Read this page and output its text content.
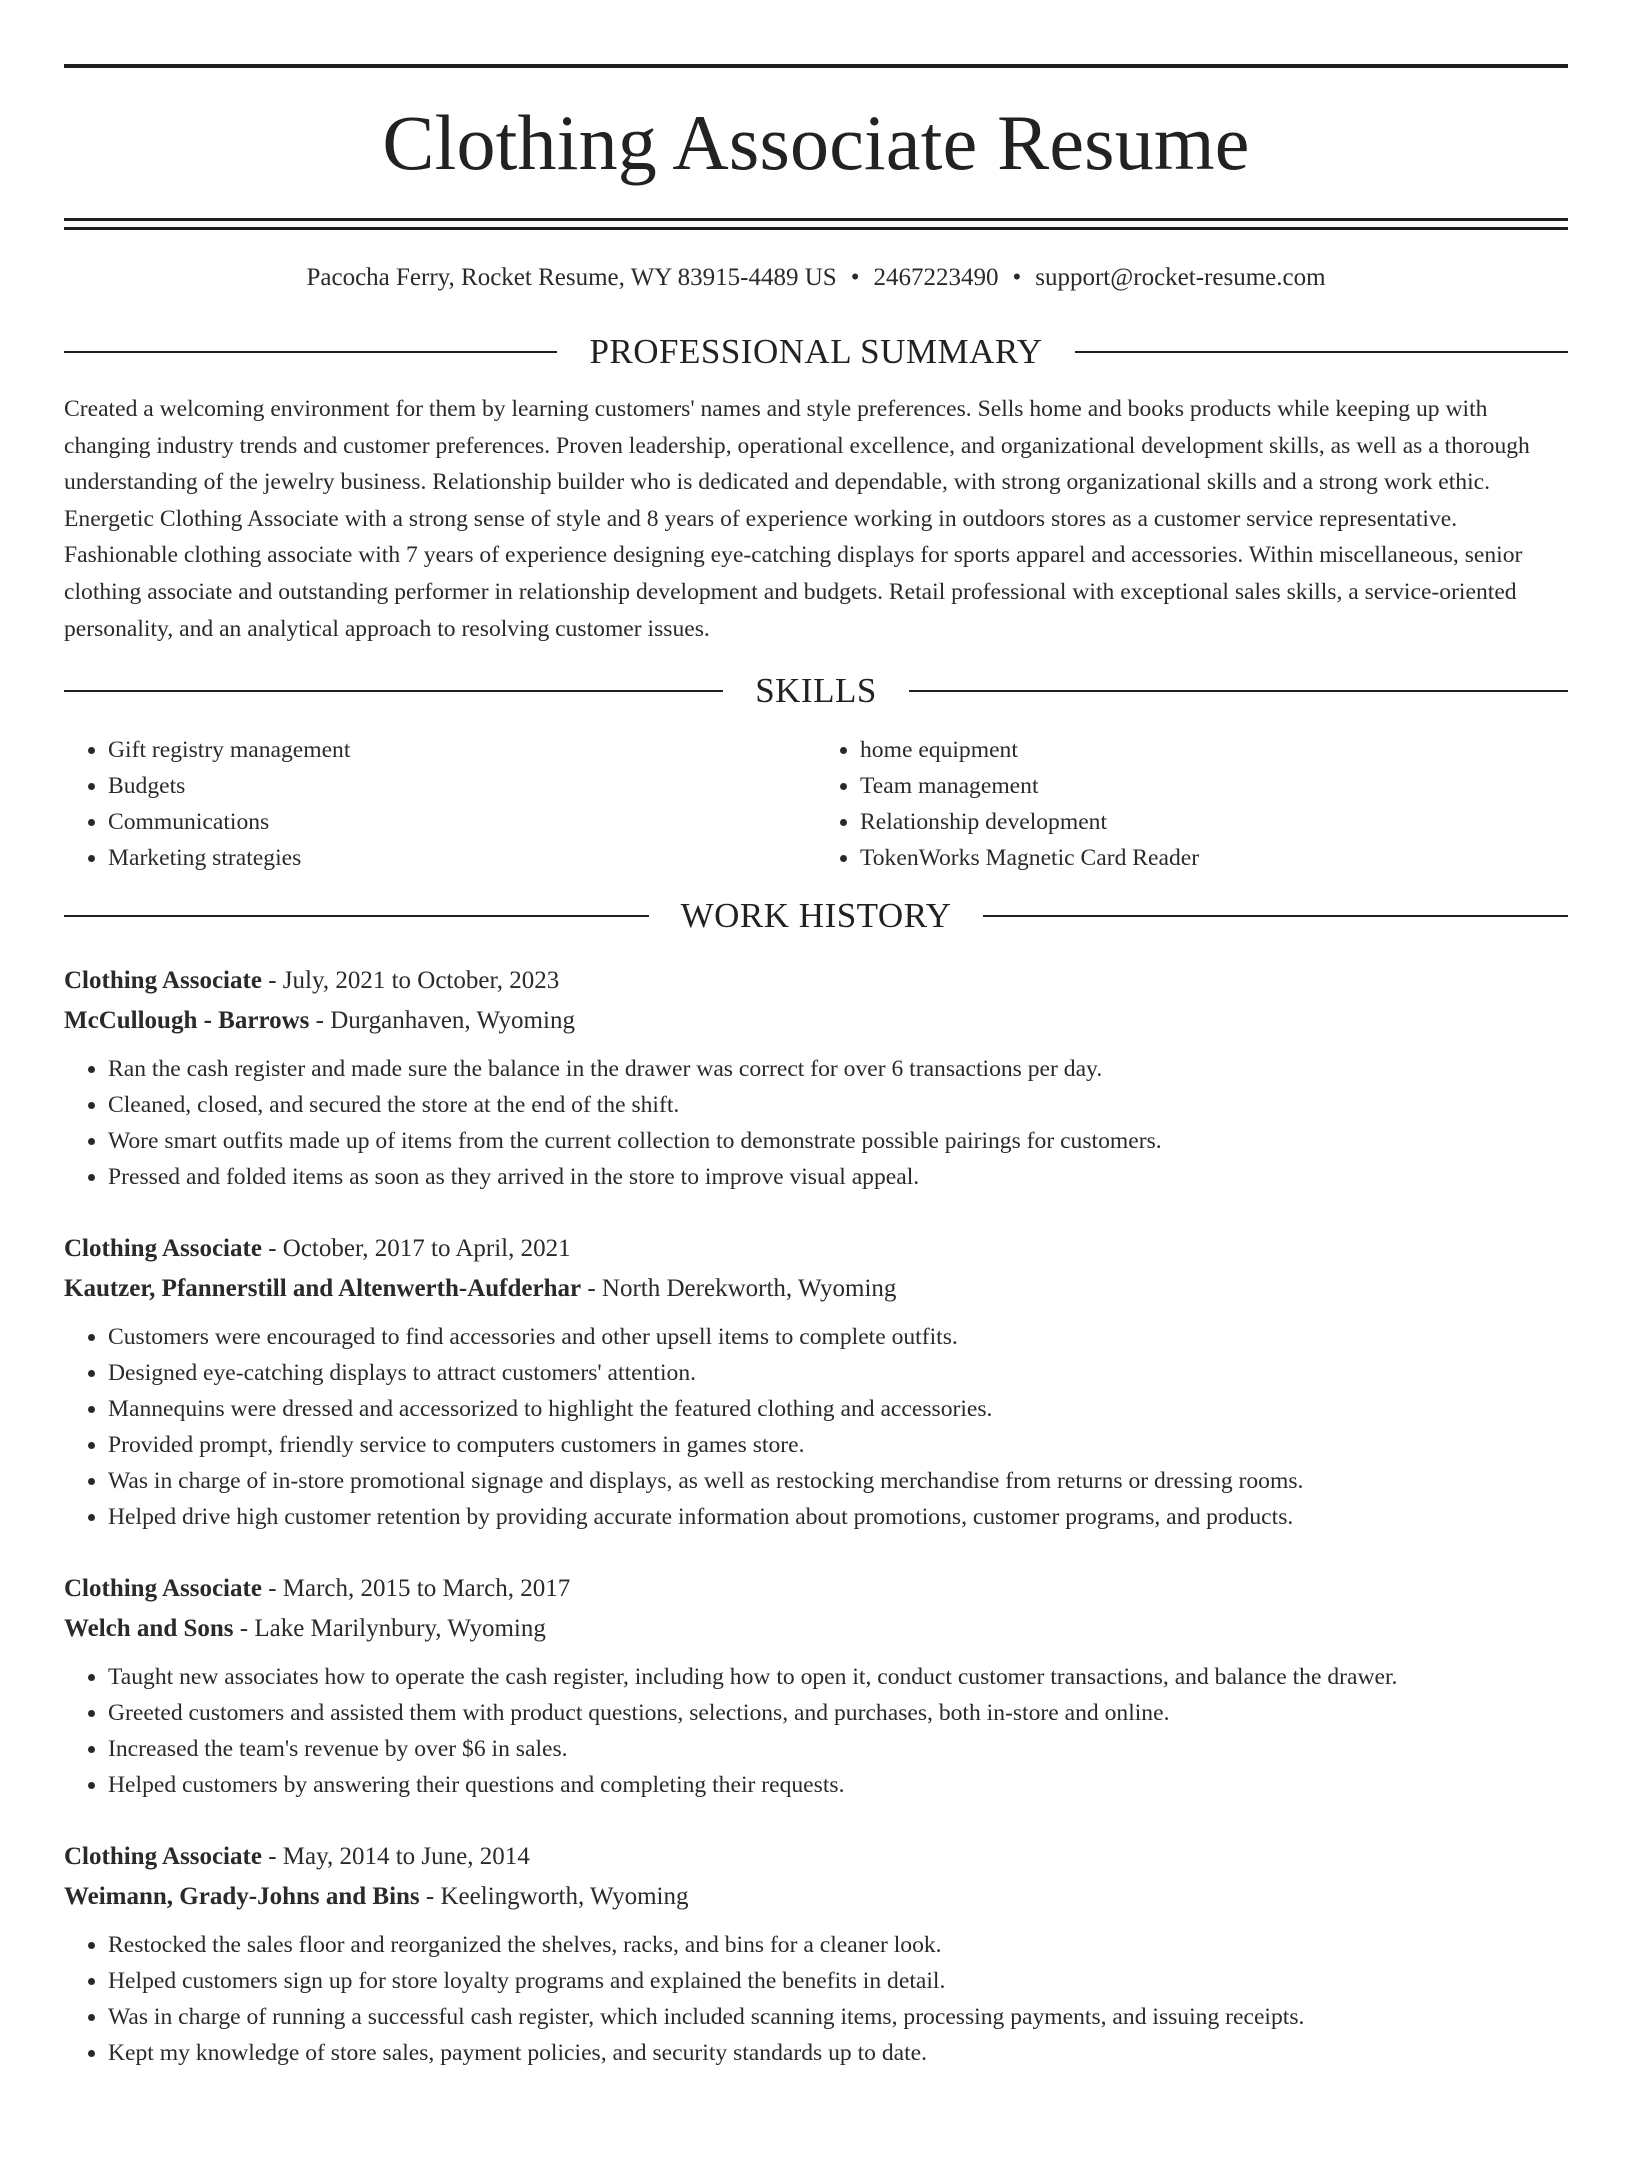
Clothing Associate Resume
Pacocha Ferry, Rocket Resume, WY 83915-4489 US • 2467223490 • support@rocket-resume.com
PROFESSIONAL SUMMARY
Created a welcoming environment for them by learning customers' names and style preferences. Sells home and books products while keeping up with changing industry trends and customer preferences. Proven leadership, operational excellence, and organizational development skills, as well as a thorough understanding of the jewelry business. Relationship builder who is dedicated and dependable, with strong organizational skills and a strong work ethic. Energetic Clothing Associate with a strong sense of style and 8 years of experience working in outdoors stores as a customer service representative. Fashionable clothing associate with 7 years of experience designing eye-catching displays for sports apparel and accessories. Within miscellaneous, senior clothing associate and outstanding performer in relationship development and budgets. Retail professional with exceptional sales skills, a service-oriented personality, and an analytical approach to resolving customer issues.
SKILLS
• Gift registry management
• Budgets
• Communications
• Marketing strategies
• home equipment
• Team management
• Relationship development
• TokenWorks Magnetic Card Reader
WORK HISTORY
Clothing Associate - July, 2021 to October, 2023
McCullough - Barrows - Durganhaven, Wyoming
• Ran the cash register and made sure the balance in the drawer was correct for over 6 transactions per day.
• Cleaned, closed, and secured the store at the end of the shift.
• Wore smart outfits made up of items from the current collection to demonstrate possible pairings for customers.
• Pressed and folded items as soon as they arrived in the store to improve visual appeal.
Clothing Associate - October, 2017 to April, 2021
Kautzer, Pfannerstill and Altenwerth-Aufderhar - North Derekworth, Wyoming
• Customers were encouraged to find accessories and other upsell items to complete outfits.
• Designed eye-catching displays to attract customers' attention.
• Mannequins were dressed and accessorized to highlight the featured clothing and accessories.
• Provided prompt, friendly service to computers customers in games store.
• Was in charge of in-store promotional signage and displays, as well as restocking merchandise from returns or dressing rooms.
• Helped drive high customer retention by providing accurate information about promotions, customer programs, and products.
Clothing Associate - March, 2015 to March, 2017
Welch and Sons - Lake Marilynbury, Wyoming
• Taught new associates how to operate the cash register, including how to open it, conduct customer transactions, and balance the drawer.
• Greeted customers and assisted them with product questions, selections, and purchases, both in-store and online.
• Increased the team's revenue by over $6 in sales.
• Helped customers by answering their questions and completing their requests.
Clothing Associate - May, 2014 to June, 2014
Weimann, Grady-Johns and Bins - Keelingworth, Wyoming
• Restocked the sales floor and reorganized the shelves, racks, and bins for a cleaner look.
• Helped customers sign up for store loyalty programs and explained the benefits in detail.
• Was in charge of running a successful cash register, which included scanning items, processing payments, and issuing receipts.
• Kept my knowledge of store sales, payment policies, and security standards up to date.
